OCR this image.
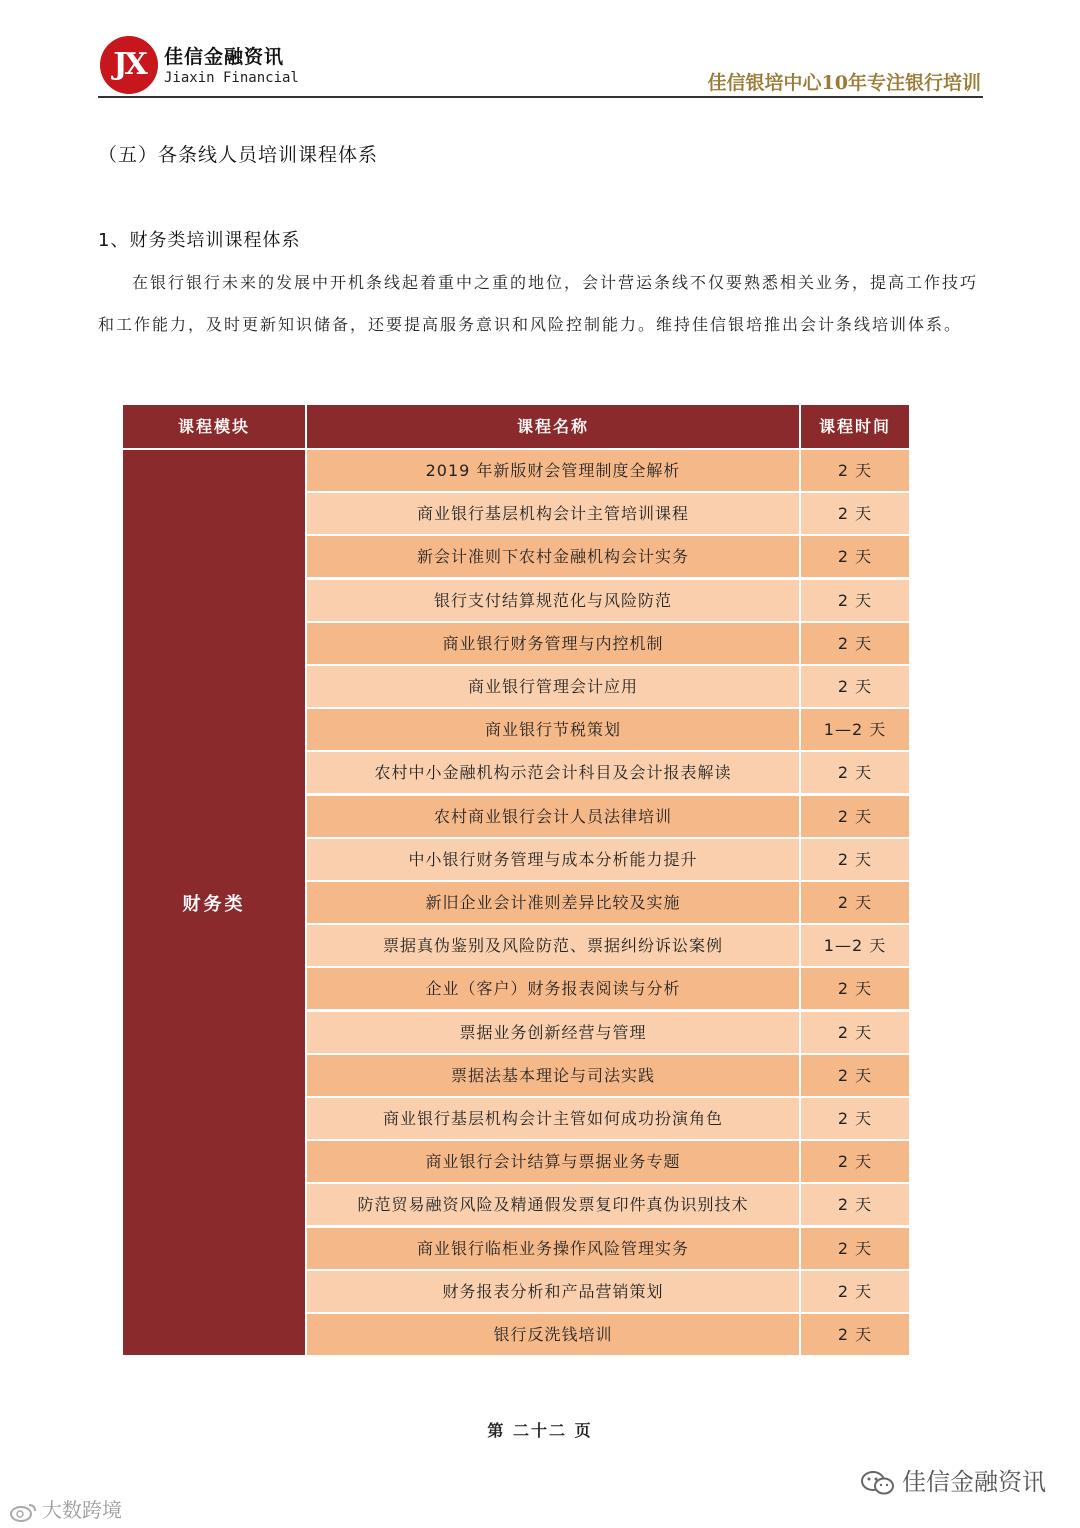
JX	佳信金融资讯
Jiaxin Financial	佳信银培中心10年专注银行培训
（五）各条线人员培训课程体系
1、财务类培训课程体系
在银行银行未来的发展中开机条线起着重中之重的地位，会计营运条线不仅要熟悉相关业务，提高工作技巧和工作能力，及时更新知识储备，还要提高服务意识和风险控制能力。维持佳信银培推出会计条线培训体系。
课程模块	课程名称	课程时间
财务类
2019 年新版财会管理制度全解析	2 天
商业银行基层机构会计主管培训课程	2 天
新会计准则下农村金融机构会计实务	2 天
银行支付结算规范化与风险防范	2 天
商业银行财务管理与内控机制	2 天
商业银行管理会计应用	2 天
商业银行节税策划	1—2 天
农村中小金融机构示范会计科目及会计报表解读	2 天
农村商业银行会计人员法律培训	2 天
中小银行财务管理与成本分析能力提升	2 天
新旧企业会计准则差异比较及实施	2 天
票据真伪鉴别及风险防范、票据纠纷诉讼案例	1—2 天
企业（客户）财务报表阅读与分析	2 天
票据业务创新经营与管理	2 天
票据法基本理论与司法实践	2 天
商业银行基层机构会计主管如何成功扮演角色	2 天
商业银行会计结算与票据业务专题	2 天
防范贸易融资风险及精通假发票复印件真伪识别技术	2 天
商业银行临柜业务操作风险管理实务	2 天
财务报表分析和产品营销策划	2 天
银行反洗钱培训	2 天
第 二十二 页
佳信金融资讯
大数跨境
